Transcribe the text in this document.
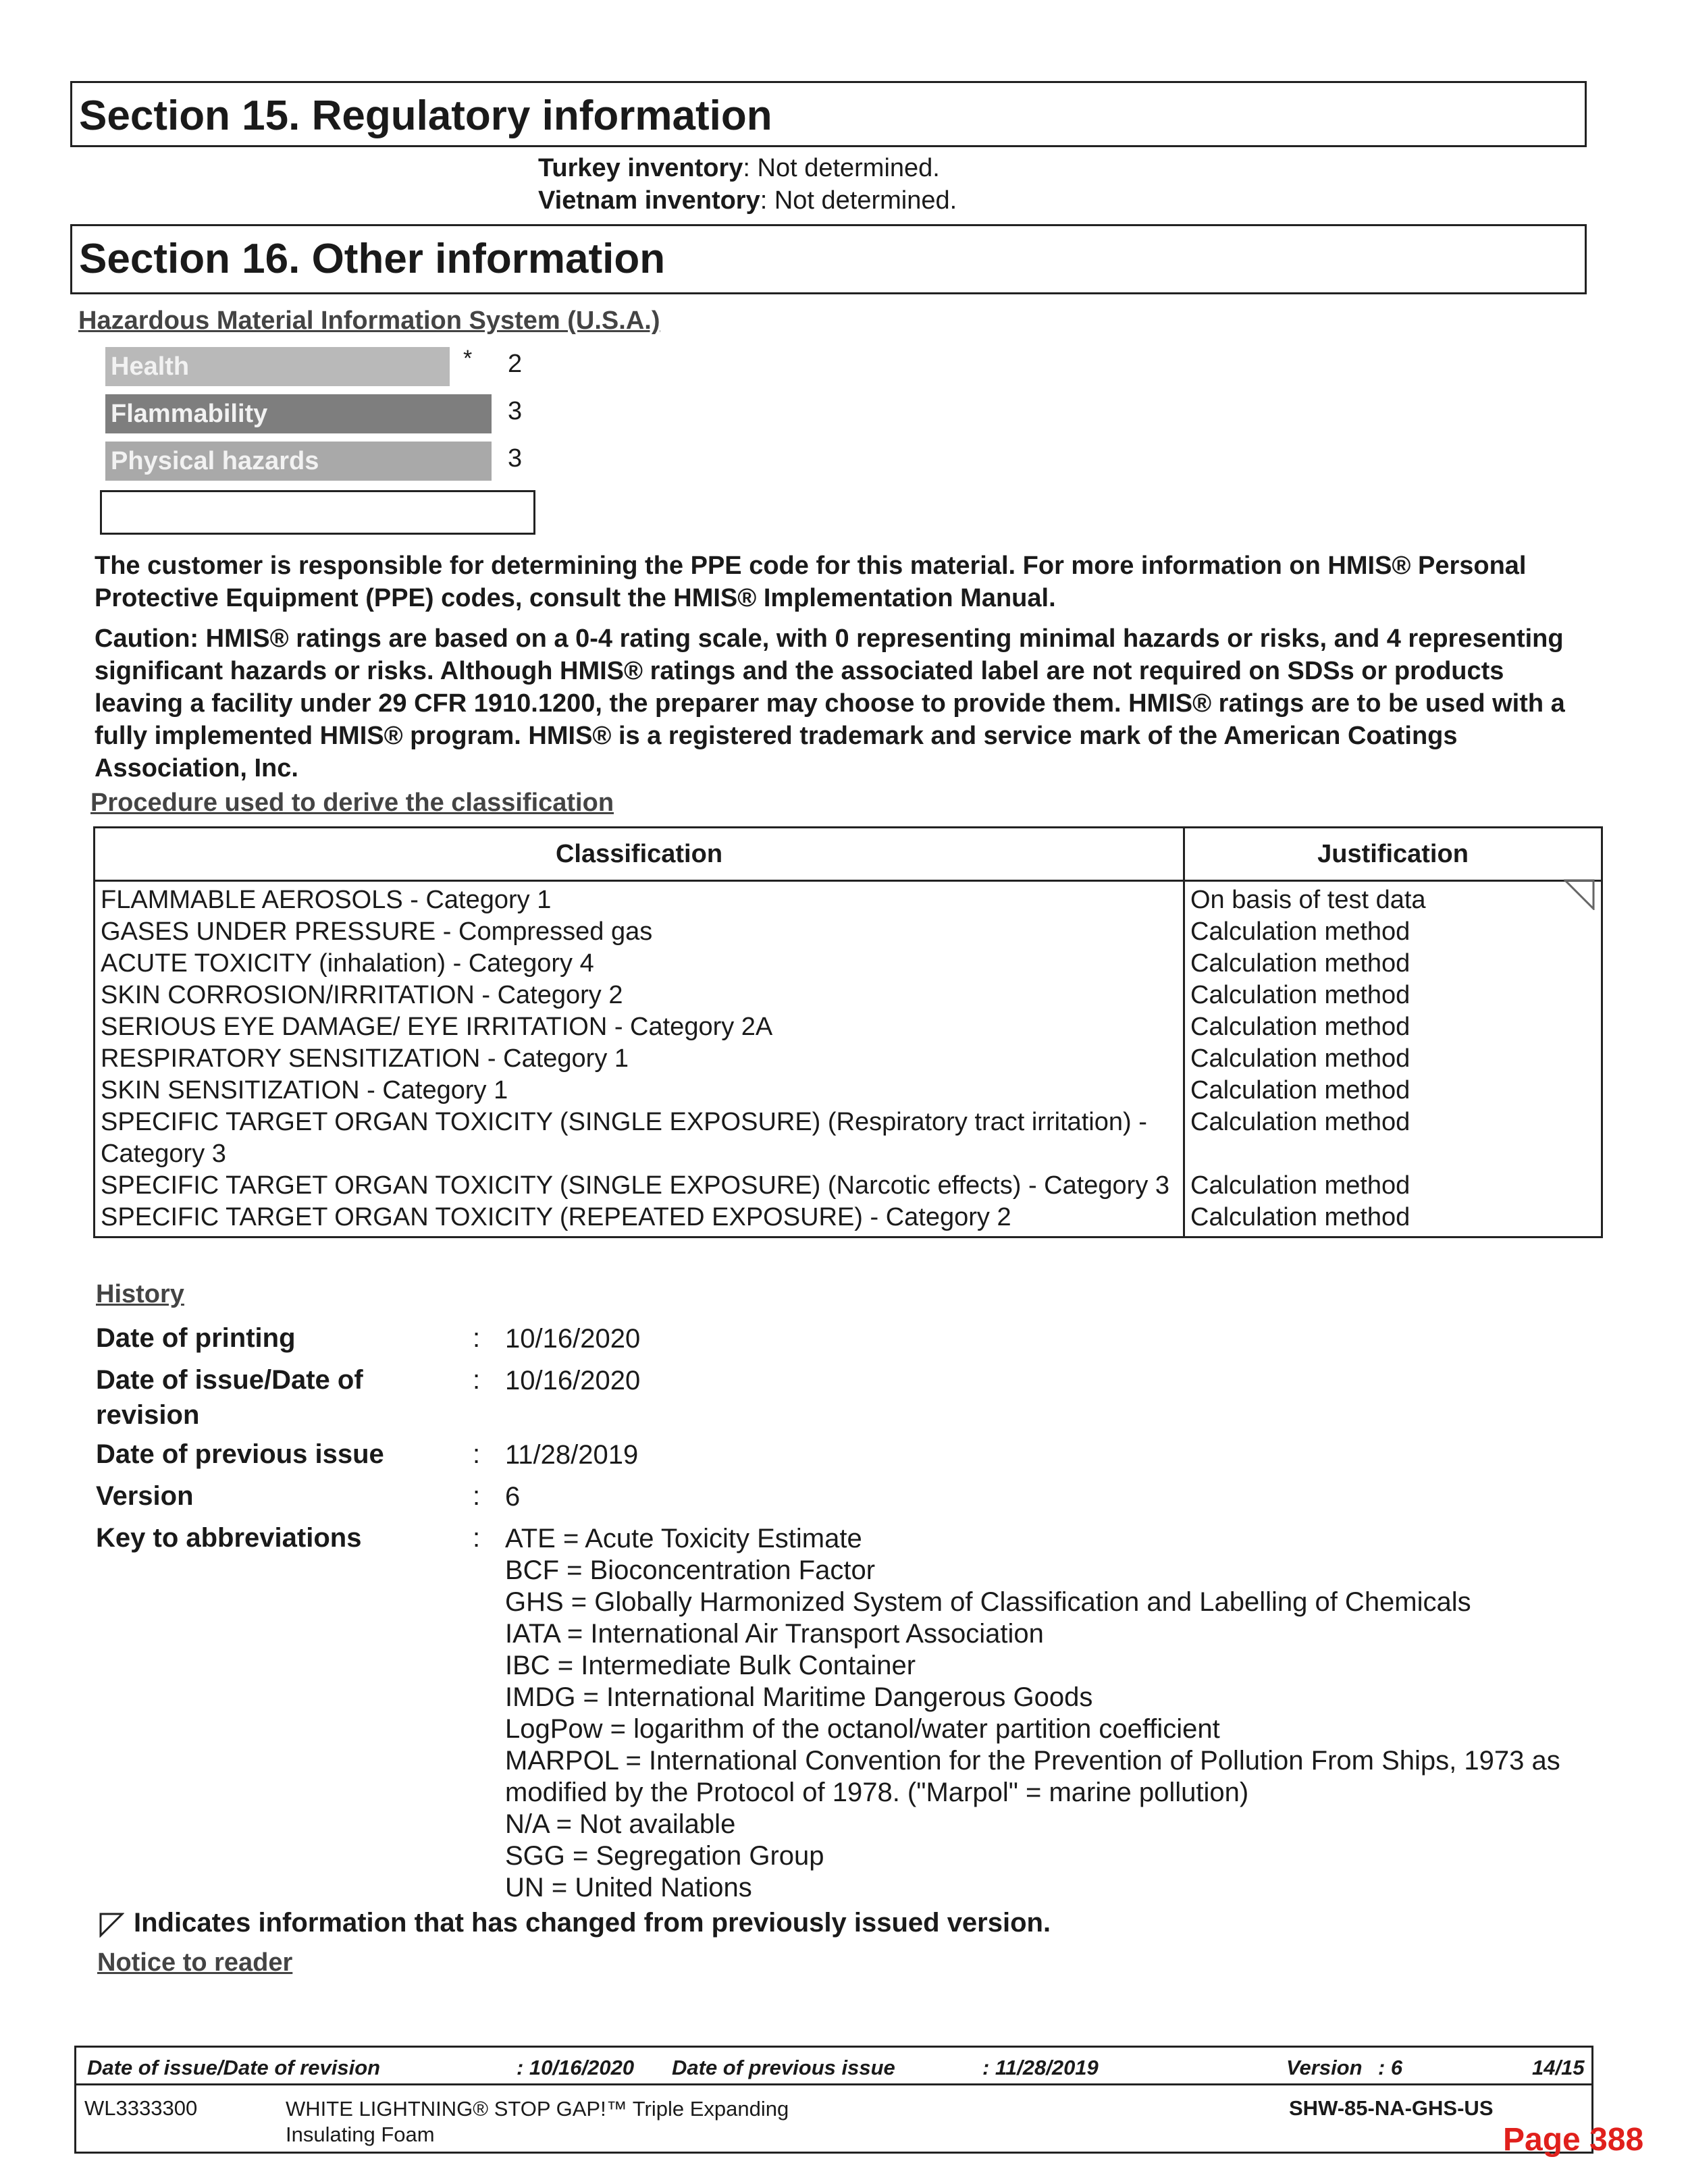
Section 15. Regulatory information
Turkey inventory: Not determined.
Vietnam inventory: Not determined.
Section 16. Other information
Hazardous Material Information System (U.S.A.)
Health	* 2
Flammability	3
Physical hazards	3
The customer is responsible for determining the PPE code for this material. For more information on HMIS® Personal Protective Equipment (PPE) codes, consult the HMIS® Implementation Manual.
Caution: HMIS® ratings are based on a 0-4 rating scale, with 0 representing minimal hazards or risks, and 4 representing significant hazards or risks. Although HMIS® ratings and the associated label are not required on SDSs or products leaving a facility under 29 CFR 1910.1200, the preparer may choose to provide them. HMIS® ratings are to be used with a fully implemented HMIS® program. HMIS® is a registered trademark and service mark of the American Coatings Association, Inc.
Procedure used to derive the classification
Classification	Justification
FLAMMABLE AEROSOLS - Category 1	On basis of test data
GASES UNDER PRESSURE - Compressed gas	Calculation method
ACUTE TOXICITY (inhalation) - Category 4	Calculation method
SKIN CORROSION/IRRITATION - Category 2	Calculation method
SERIOUS EYE DAMAGE/ EYE IRRITATION - Category 2A	Calculation method
RESPIRATORY SENSITIZATION - Category 1	Calculation method
SKIN SENSITIZATION - Category 1	Calculation method
SPECIFIC TARGET ORGAN TOXICITY (SINGLE EXPOSURE) (Respiratory tract irritation) - Category 3	Calculation method
SPECIFIC TARGET ORGAN TOXICITY (SINGLE EXPOSURE) (Narcotic effects) - Category 3	Calculation method
SPECIFIC TARGET ORGAN TOXICITY (REPEATED EXPOSURE) - Category 2	Calculation method
History
Date of printing	: 10/16/2020
Date of issue/Date of revision
: 10/16/2020
Date of previous issue	: 11/28/2019
Version	: 6
Key to abbreviations	: ATE = Acute Toxicity Estimate
BCF = Bioconcentration Factor
GHS = Globally Harmonized System of Classification and Labelling of Chemicals
IATA = International Air Transport Association
IBC = Intermediate Bulk Container
IMDG = International Maritime Dangerous Goods
LogPow = logarithm of the octanol/water partition coefficient
MARPOL = International Convention for the Prevention of Pollution From Ships, 1973 as modified by the Protocol of 1978. ("Marpol" = marine pollution)
N/A = Not available
SGG = Segregation Group
UN = United Nations
Indicates information that has changed from previously issued version.
Notice to reader
Date of issue/Date of revision	: 10/16/2020 Date of previous issue	: 11/28/2019	Version : 6	14/15
WL3333300	WHITE LIGHTNING® STOP GAP!™ Triple Expanding Insulating Foam
SHW-85-NA-GHS-US
Page 388
